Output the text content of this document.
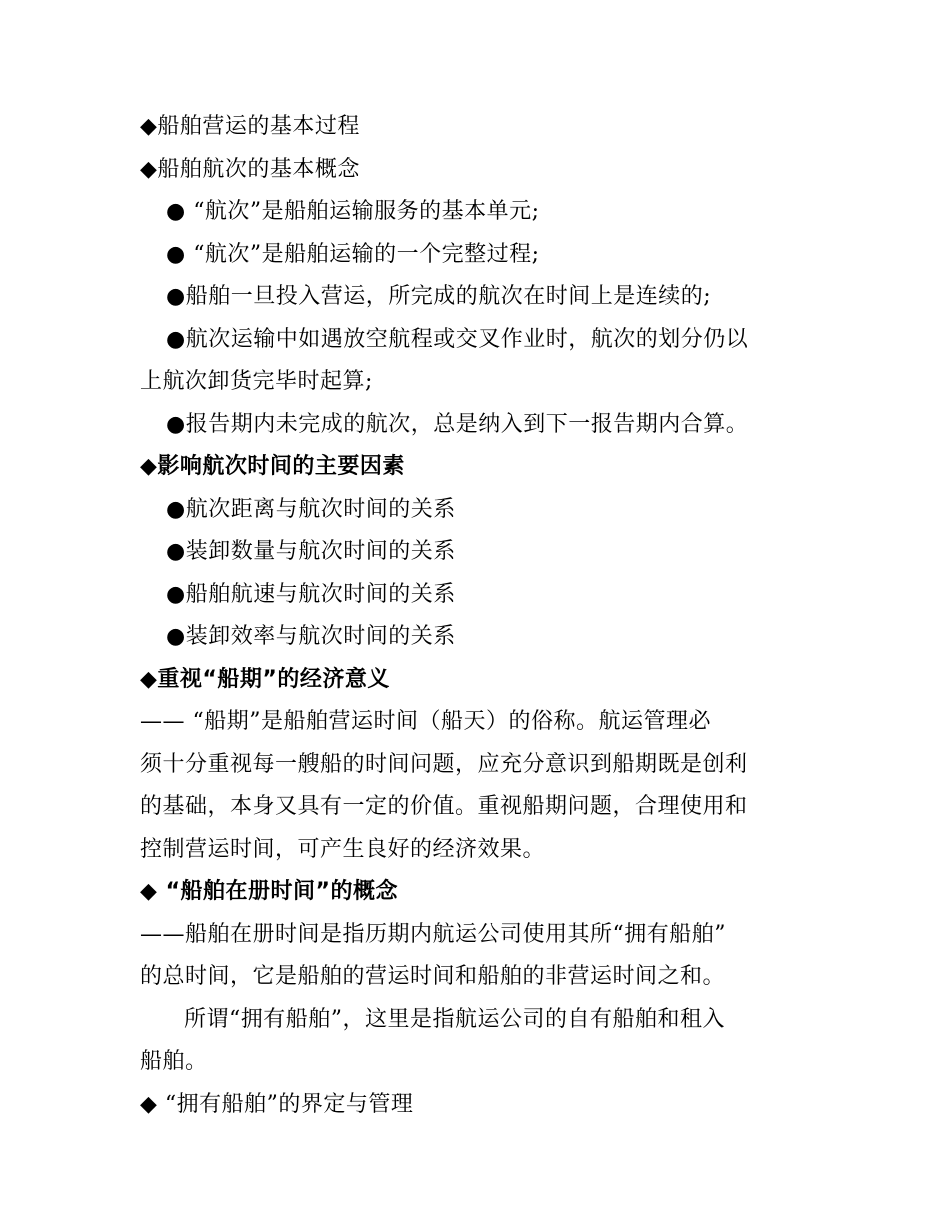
◆船舶营运的基本过程
◆船舶航次的基本概念
● “航次”是船舶运输服务的基本单元;
● “航次”是船舶运输的一个完整过程;
●船舶一旦投入营运，所完成的航次在时间上是连续的;
●航次运输中如遇放空航程或交叉作业时，航次的划分仍以
上航次卸货完毕时起算;
●报告期内未完成的航次，总是纳入到下一报告期内合算。
◆影响航次时间的主要因素
●航次距离与航次时间的关系
●装卸数量与航次时间的关系
●船舶航速与航次时间的关系
●装卸效率与航次时间的关系
◆重视“船期”的经济意义
—— “船期”是船舶营运时间（船天）的俗称。航运管理必
须十分重视每一艘船的时间问题，应充分意识到船期既是创利
的基础，本身又具有一定的价值。重视船期问题，合理使用和
控制营运时间，可产生良好的经济效果。
◆ “船舶在册时间”的概念
——船舶在册时间是指历期内航运公司使用其所“拥有船舶”
的总时间，它是船舶的营运时间和船舶的非营运时间之和。
所谓“拥有船舶”，这里是指航运公司的自有船舶和租入
船舶。
◆ “拥有船舶”的界定与管理
